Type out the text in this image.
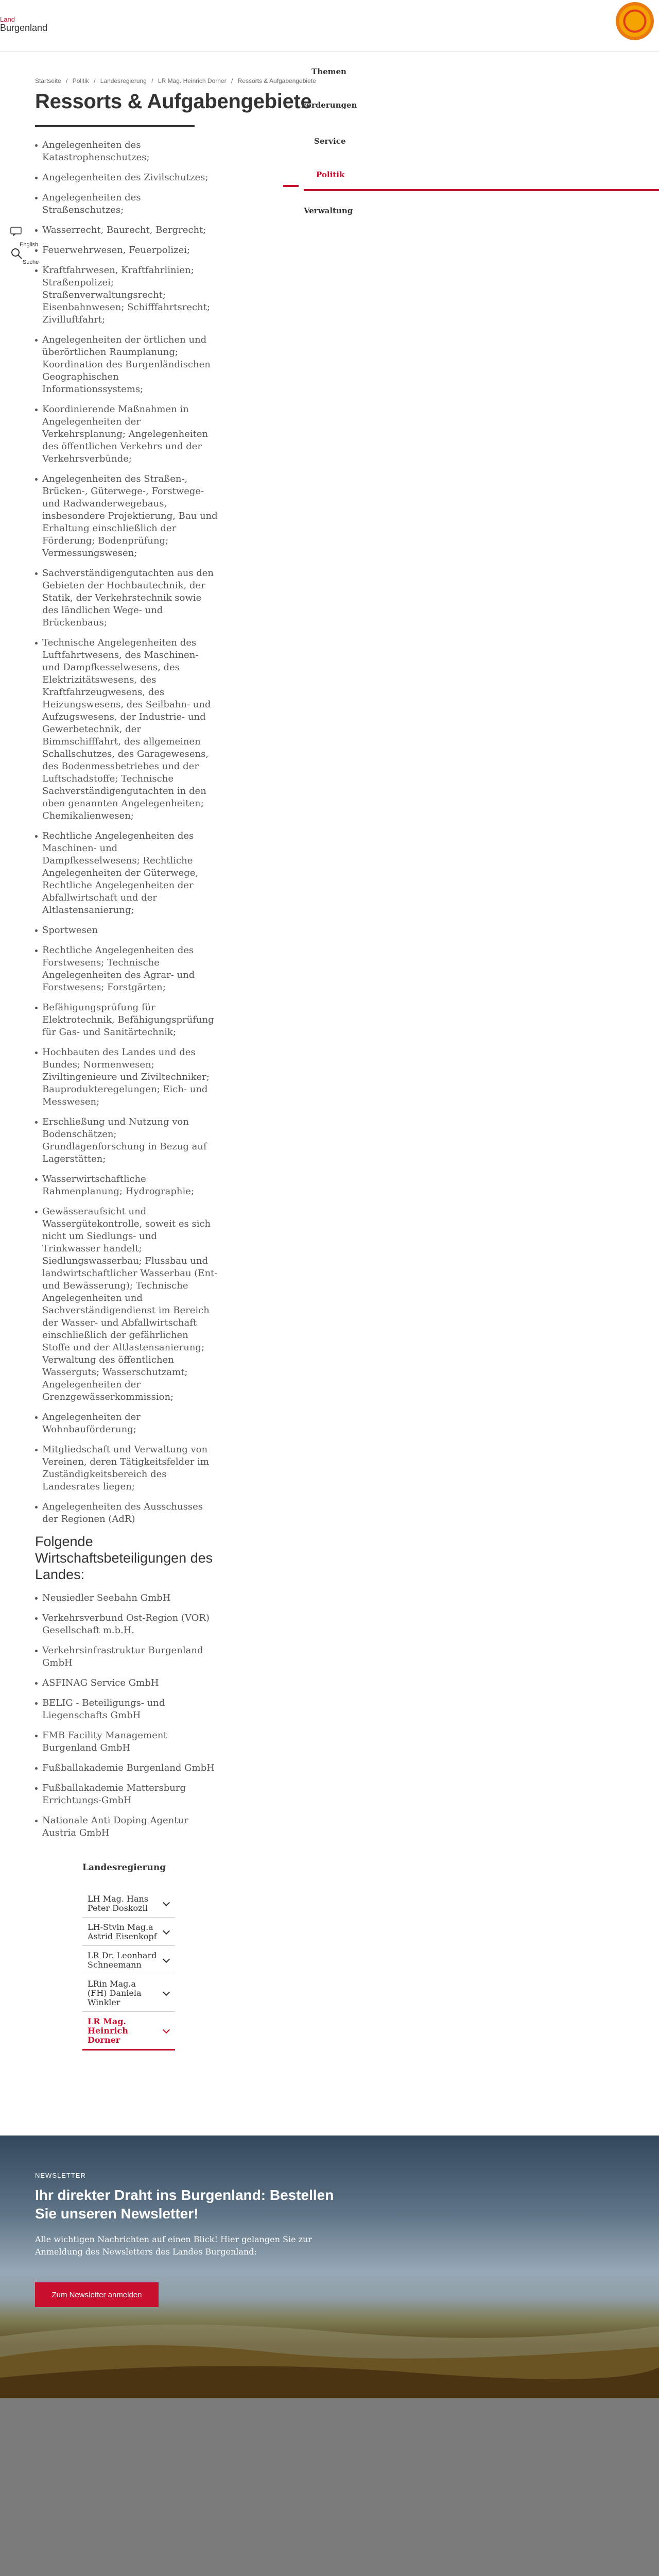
Land
Burgenland
Themen
Förderungen
Service
Politik
Verwaltung
Startseite / Politik / Landesregierung / LR Mag. Heinrich Dorner / Ressorts & Aufgabengebiete
Ressorts & Aufgabengebiete
English
Suche
Angelegenheiten des Katastrophenschutzes;
Angelegenheiten des Zivilschutzes;
Angelegenheiten des Straßenschutzes;
Wasserrecht, Baurecht, Bergrecht;
Feuerwehrwesen, Feuerpolizei;
Kraftfahrwesen, Kraftfahrlinien; Straßenpolizei; Straßenverwaltungsrecht; Eisenbahnwesen; Schifffahrtsrecht; Zivilluftfahrt;
Angelegenheiten der örtlichen und überörtlichen Raumplanung; Koordination des Burgenländischen Geographischen Informationssystems;
Koordinierende Maßnahmen in Angelegenheiten der Verkehrsplanung; Angelegenheiten des öffentlichen Verkehrs und der Verkehrsverbünde;
Angelegenheiten des Straßen-, Brücken-, Güterwege-, Forstwege- und Radwanderwegebaus, insbesondere Projektierung, Bau und Erhaltung einschließlich der Förderung; Bodenprüfung; Vermessungswesen;
Sachverständigengutachten aus den Gebieten der Hochbautechnik, der Statik, der Verkehrstechnik sowie des ländlichen Wege- und Brückenbaus;
Technische Angelegenheiten des Luftfahrtwesens, des Maschinen- und Dampfkesselwesens, des Elektrizitätswesens, des Kraftfahrzeugwesens, des Heizungswesens, des Seilbahn- und Aufzugswesens, der Industrie- und Gewerbetechnik, der Bimmschifffahrt, des allgemeinen Schallschutzes, des Garagewesens, des Bodenmessbetriebes und der Luftschadstoffe; Technische Sachverständigengutachten in den oben genannten Angelegenheiten; Chemikalienwesen;
Rechtliche Angelegenheiten des Maschinen- und Dampfkesselwesens; Rechtliche Angelegenheiten der Güterwege, Rechtliche Angelegenheiten der Abfallwirtschaft und der Altlastensanierung;
Sportwesen
Rechtliche Angelegenheiten des Forstwesens; Technische Angelegenheiten des Agrar- und Forstwesens; Forstgärten;
Befähigungsprüfung für Elektrotechnik, Befähigungsprüfung für Gas- und Sanitärtechnik;
Hochbauten des Landes und des Bundes; Normenwesen; Ziviltingenieure und Ziviltechniker; Bauprodukteregelungen; Eich- und Messwesen;
Erschließung und Nutzung von Bodenschätzen; Grundlagenforschung in Bezug auf Lagerstätten;
Wasserwirtschaftliche Rahmenplanung; Hydrographie;
Gewässeraufsicht und Wassergütekontrolle, soweit es sich nicht um Siedlungs- und Trinkwasser handelt; Siedlungswasserbau; Flussbau und landwirtschaftlicher Wasserbau (Ent- und Bewässerung); Technische Angelegenheiten und Sachverständigendienst im Bereich der Wasser- und Abfallwirtschaft einschließlich der gefährlichen Stoffe und der Altlastensanierung; Verwaltung des öffentlichen Wasserguts; Wasserschutzamt; Angelegenheiten der Grenzgewässerkommission;
Angelegenheiten der Wohnbauförderung;
Mitgliedschaft und Verwaltung von Vereinen, deren Tätigkeitsfelder im Zuständigkeitsbereich des Landesrates liegen;
Angelegenheiten des Ausschusses der Regionen (AdR)
Folgende Wirtschaftsbeteiligungen des Landes:
Neusiedler Seebahn GmbH
Verkehrsverbund Ost-Region (VOR) Gesellschaft m.b.H.
Verkehrsinfrastruktur Burgenland GmbH
ASFINAG Service GmbH
BELIG - Beteiligungs- und Liegenschafts GmbH
FMB Facility Management Burgenland GmbH
Fußballakademie Burgenland GmbH
Fußballakademie Mattersburg Errichtungs-GmbH
Nationale Anti Doping Agentur Austria GmbH
Landesregierung
LH Mag. Hans Peter Doskozil
LH-Stvin Mag.a Astrid Eisenkopf
LR Dr. Leonhard Schneemann
LRin Mag.a (FH) Daniela Winkler
LR Mag. Heinrich Dorner
NEWSLETTER
Ihr direkter Draht ins Burgenland: Bestellen Sie unseren Newsletter!
Alle wichtigen Nachrichten auf einen Blick! Hier gelangen Sie zur Anmeldung des Newsletters des Landes Burgenland:
Zum Newsletter anmelden
